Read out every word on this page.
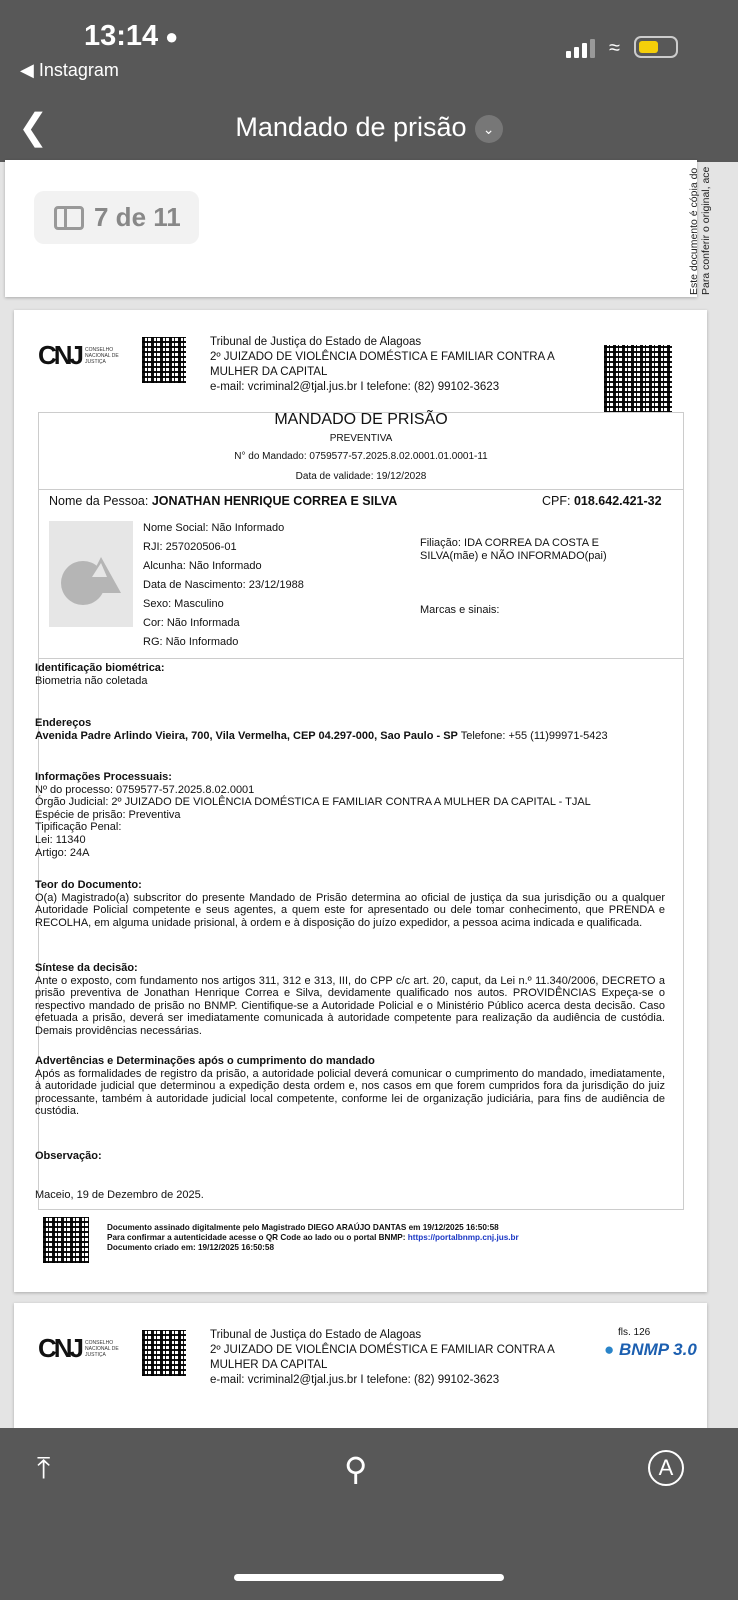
13:14 ●
◀ Instagram
≈
❮	Mandado de prisão ⌄
7 de 11	Este documento é cópia do Para conferir o original, ace
CNJ CONSELHO NACIONAL DE JUSTIÇA
Tribunal de Justiça do Estado de Alagoas
2º JUIZADO DE VIOLÊNCIA DOMÉSTICA E FAMILIAR CONTRA A MULHER DA CAPITAL
e-mail: vcriminal2@tjal.jus.br I telefone: (82) 99102-3623
MANDADO DE PRISÃO
PREVENTIVA
N° do Mandado: 0759577-57.2025.8.02.0001.01.0001-11
Data de validade: 19/12/2028
Nome da Pessoa: JONATHAN HENRIQUE CORREA E SILVA	CPF: 018.642.421-32
Nome Social: Não Informado
RJI: 257020506-01
Alcunha: Não Informado
Data de Nascimento: 23/12/1988
Sexo: Masculino
Cor: Não Informada
RG: Não Informado
Filiação: IDA CORREA DA COSTA E SILVA(mãe) e NÃO INFORMADO(pai)
Marcas e sinais:
Identificação biométrica:
Biometria não coletada
Endereços
Avenida Padre Arlindo Vieira, 700, Vila Vermelha, CEP 04.297-000, Sao Paulo - SP Telefone: +55 (11)99971-5423
Informações Processuais:
Nº do processo: 0759577-57.2025.8.02.0001
Órgão Judicial: 2º JUIZADO DE VIOLÊNCIA DOMÉSTICA E FAMILIAR CONTRA A MULHER DA CAPITAL - TJAL
Espécie de prisão: Preventiva
Tipificação Penal:
Lei: 11340
Artigo: 24A
Teor do Documento:
O(a) Magistrado(a) subscritor do presente Mandado de Prisão determina ao oficial de justiça da sua jurisdição ou a qualquer Autoridade Policial competente e seus agentes, a quem este for apresentado ou dele tomar conhecimento, que PRENDA e RECOLHA, em alguma unidade prisional, à ordem e à disposição do juízo expedidor, a pessoa acima indicada e qualificada.
Síntese da decisão:
Ante o exposto, com fundamento nos artigos 311, 312 e 313, III, do CPP c/c art. 20, caput, da Lei n.º 11.340/2006, DECRETO a prisão preventiva de Jonathan Henrique Correa e Silva, devidamente qualificado nos autos. PROVIDÊNCIAS Expeça-se o respectivo mandado de prisão no BNMP. Cientifique-se a Autoridade Policial e o Ministério Público acerca desta decisão. Caso efetuada a prisão, deverá ser imediatamente comunicada à autoridade competente para realização da audiência de custódia. Demais providências necessárias.
Advertências e Determinações após o cumprimento do mandado
Após as formalidades de registro da prisão, a autoridade policial deverá comunicar o cumprimento do mandado, imediatamente, à autoridade judicial que determinou a expedição desta ordem e, nos casos em que forem cumpridos fora da jurisdição do juiz processante, também à autoridade judicial local competente, conforme lei de organização judiciária, para fins de audiência de custódia.
Observação:
Maceio, 19 de Dezembro de 2025.
Documento assinado digitalmente pelo Magistrado DIEGO ARAÚJO DANTAS em 19/12/2025 16:50:58
Para confirmar a autenticidade acesse o QR Code ao lado ou o portal BNMP: https://portalbnmp.cnj.jus.br
Documento criado em: 19/12/2025 16:50:58
CNJ CONSELHO NACIONAL DE JUSTIÇA
Tribunal de Justiça do Estado de Alagoas
2º JUIZADO DE VIOLÊNCIA DOMÉSTICA E FAMILIAR CONTRA A MULHER DA CAPITAL
e-mail: vcriminal2@tjal.jus.br I telefone: (82) 99102-3623
fls. 126
● BNMP 3.0
⤒	⚲	A
